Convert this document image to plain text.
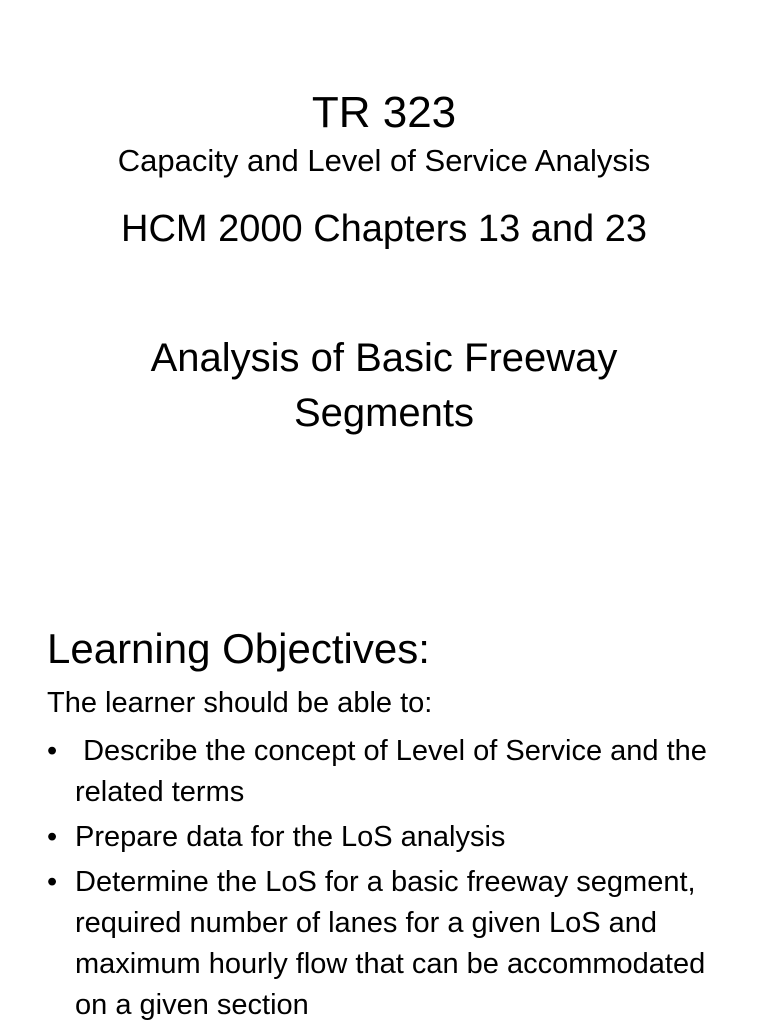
TR 323
Capacity and Level of Service Analysis
HCM 2000 Chapters 13 and 23
Analysis of Basic Freeway
Segments
Learning Objectives:
The learner should be able to:
• Describe the concept of Level of Service and the related terms
• Prepare data for the LoS analysis
• Determine the LoS for a basic freeway segment, required number of lanes for a given LoS and maximum hourly flow that can be accommodated on a given section
